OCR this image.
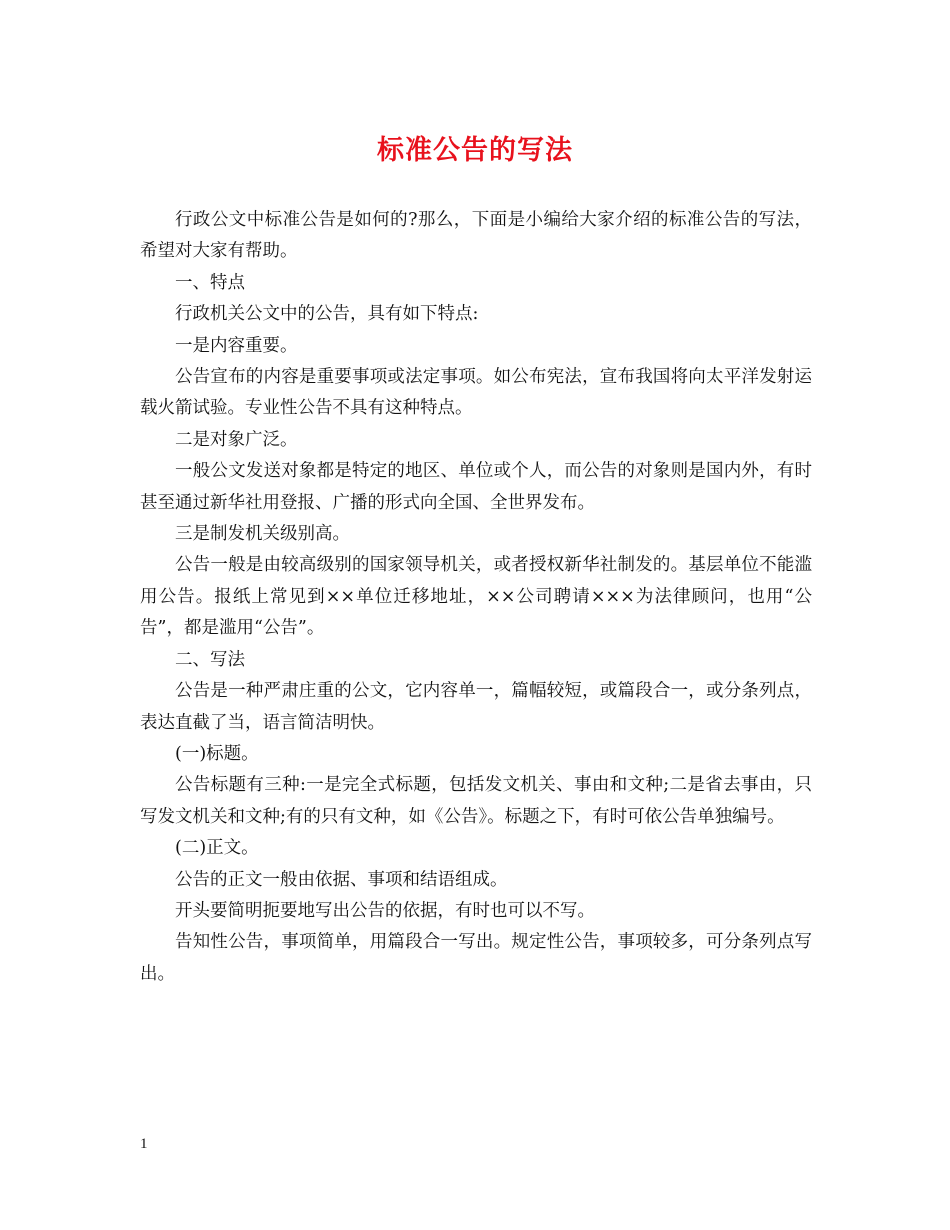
标准公告的写法

行政公文中标准公告是如何的?那么，下面是小编给大家介绍的标准公告的写法，希望对大家有帮助。

一、特点

行政机关公文中的公告，具有如下特点:

一是内容重要。

公告宣布的内容是重要事项或法定事项。如公布宪法，宣布我国将向太平洋发射运载火箭试验。专业性公告不具有这种特点。

二是对象广泛。

一般公文发送对象都是特定的地区、单位或个人，而公告的对象则是国内外，有时甚至通过新华社用登报、广播的形式向全国、全世界发布。

三是制发机关级别高。

公告一般是由较高级别的国家领导机关，或者授权新华社制发的。基层单位不能滥用公告。报纸上常见到××单位迁移地址，××公司聘请×××为法律顾问，也用“公告”，都是滥用“公告”。

二、写法

公告是一种严肃庄重的公文，它内容单一，篇幅较短，或篇段合一，或分条列点，表达直截了当，语言简洁明快。

(一)标题。

公告标题有三种:一是完全式标题，包括发文机关、事由和文种;二是省去事由，只写发文机关和文种;有的只有文种，如《公告》。标题之下，有时可依公告单独编号。

(二)正文。

公告的正文一般由依据、事项和结语组成。

开头要简明扼要地写出公告的依据，有时也可以不写。

告知性公告，事项简单，用篇段合一写出。规定性公告，事项较多，可分条列点写出。

1
